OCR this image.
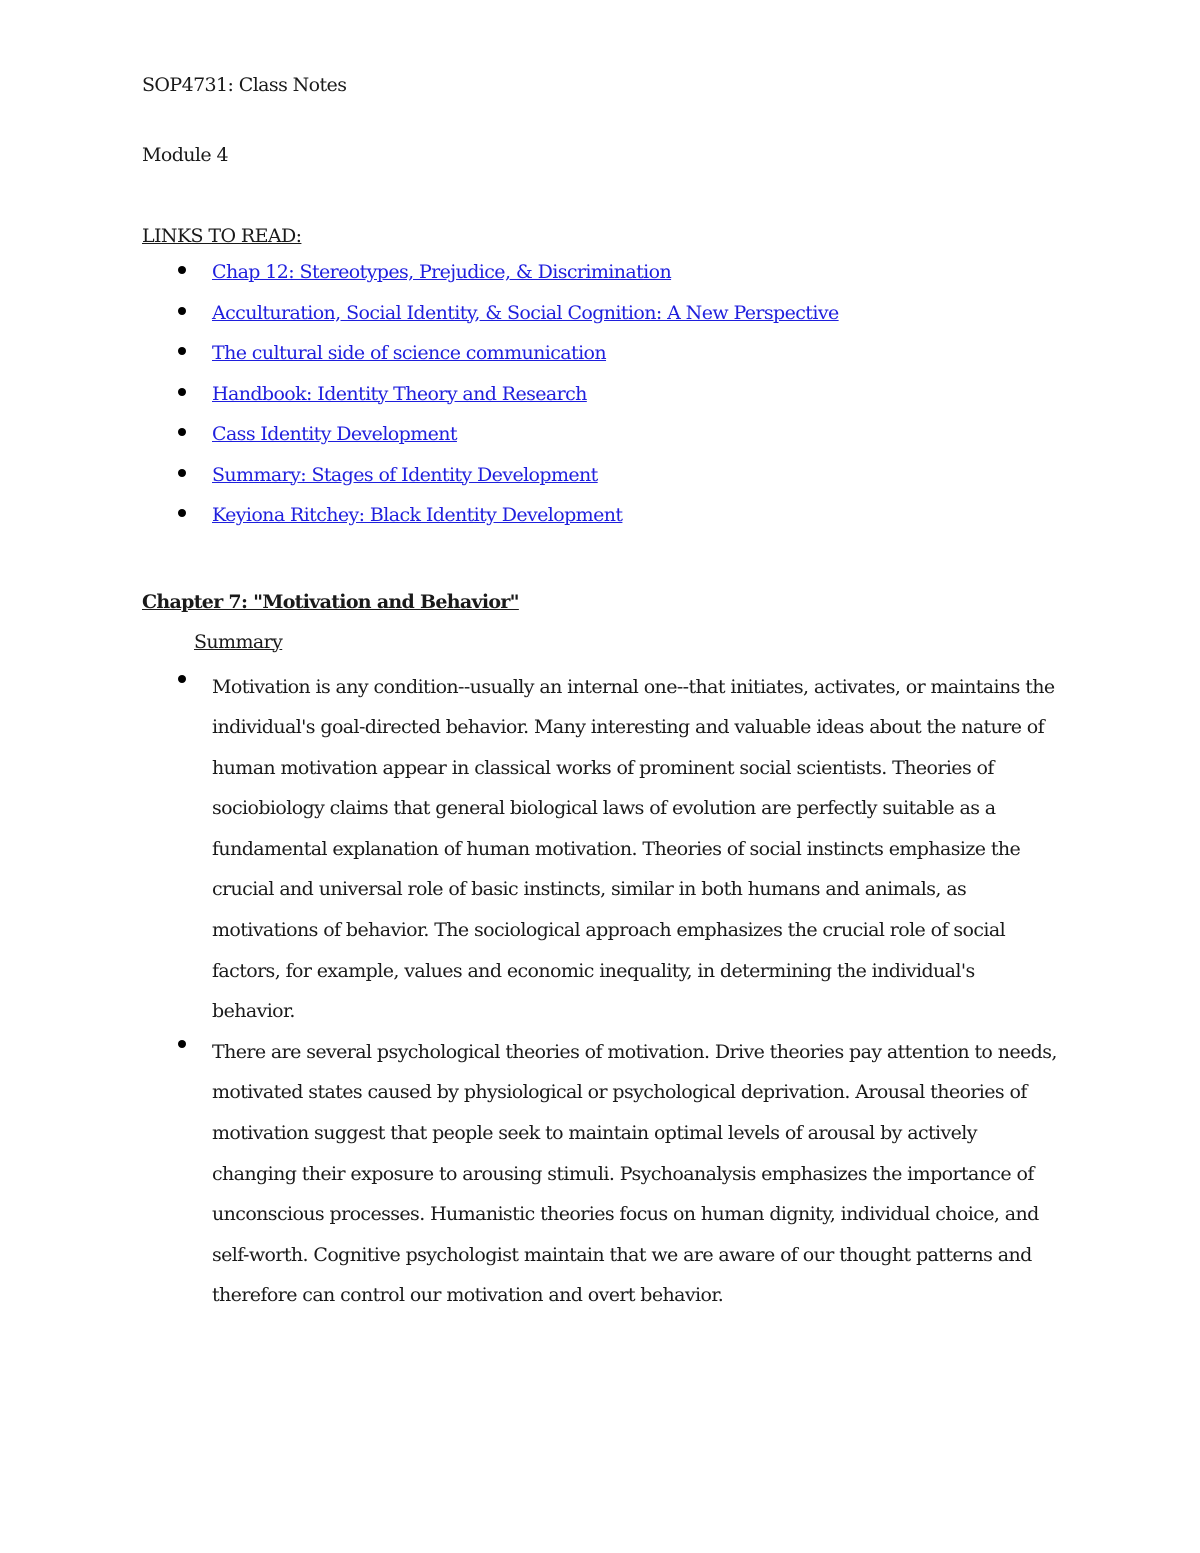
SOP4731: Class Notes
Module 4
LINKS TO READ:
Chap 12: Stereotypes, Prejudice, & Discrimination
Acculturation, Social Identity, & Social Cognition: A New Perspective
The cultural side of science communication
Handbook: Identity Theory and Research
Cass Identity Development
Summary: Stages of Identity Development
Keyiona Ritchey: Black Identity Development
Chapter 7: "Motivation and Behavior"
Summary
Motivation is any condition--usually an internal one--that initiates, activates, or maintains the individual's goal-directed behavior. Many interesting and valuable ideas about the nature of human motivation appear in classical works of prominent social scientists. Theories of sociobiology claims that general biological laws of evolution are perfectly suitable as a fundamental explanation of human motivation. Theories of social instincts emphasize the crucial and universal role of basic instincts, similar in both humans and animals, as motivations of behavior. The sociological approach emphasizes the crucial role of social factors, for example, values and economic inequality, in determining the individual's behavior.
There are several psychological theories of motivation. Drive theories pay attention to needs, motivated states caused by physiological or psychological deprivation. Arousal theories of motivation suggest that people seek to maintain optimal levels of arousal by actively changing their exposure to arousing stimuli. Psychoanalysis emphasizes the importance of unconscious processes. Humanistic theories focus on human dignity, individual choice, and self-worth. Cognitive psychologist maintain that we are aware of our thought patterns and therefore can control our motivation and overt behavior.
